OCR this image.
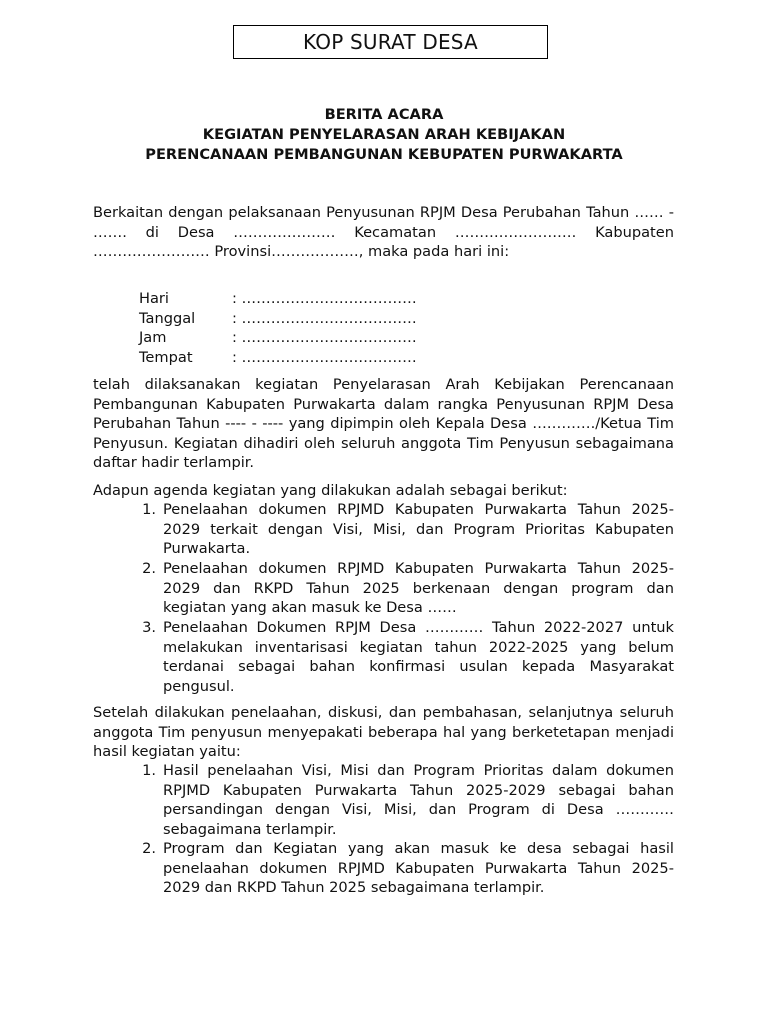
KOP SURAT DESA
BERITA ACARA
KEGIATAN PENYELARASAN ARAH KEBIJAKAN
PERENCANAAN PEMBANGUNAN KEBUPATEN PURWAKARTA
Berkaitan dengan pelaksanaan Penyusunan RPJM Desa Perubahan Tahun …… - ……. di Desa ………………… Kecamatan ……………………. Kabupaten …………………… Provinsi………………, maka pada hari ini:
Hari	: ………………………………
Tanggal	: ………………………………
Jam	: ………………………………
Tempat	: ………………………………
telah dilaksanakan kegiatan Penyelarasan Arah Kebijakan Perencanaan Pembangunan Kabupaten Purwakarta dalam rangka Penyusunan RPJM Desa Perubahan Tahun ---- - ---- yang dipimpin oleh Kepala Desa …………./Ketua Tim Penyusun. Kegiatan dihadiri oleh seluruh anggota Tim Penyusun sebagaimana daftar hadir terlampir.
Adapun agenda kegiatan yang dilakukan adalah sebagai berikut:
1. Penelaahan dokumen RPJMD Kabupaten Purwakarta Tahun 2025-2029 terkait dengan Visi, Misi, dan Program Prioritas Kabupaten Purwakarta.
2. Penelaahan dokumen RPJMD Kabupaten Purwakarta Tahun 2025-2029 dan RKPD Tahun 2025 berkenaan dengan program dan kegiatan yang akan masuk ke Desa ……
3. Penelaahan Dokumen RPJM Desa ………… Tahun 2022-2027 untuk melakukan inventarisasi kegiatan tahun 2022-2025 yang belum terdanai sebagai bahan konfirmasi usulan kepada Masyarakat pengusul.
Setelah dilakukan penelaahan, diskusi, dan pembahasan, selanjutnya seluruh anggota Tim penyusun menyepakati beberapa hal yang berketetapan menjadi hasil kegiatan yaitu:
1. Hasil penelaahan Visi, Misi dan Program Prioritas dalam dokumen RPJMD Kabupaten Purwakarta Tahun 2025-2029 sebagai bahan persandingan dengan Visi, Misi, dan Program di Desa ………… sebagaimana terlampir.
2. Program dan Kegiatan yang akan masuk ke desa sebagai hasil penelaahan dokumen RPJMD Kabupaten Purwakarta Tahun 2025-2029 dan RKPD Tahun 2025 sebagaimana terlampir.
